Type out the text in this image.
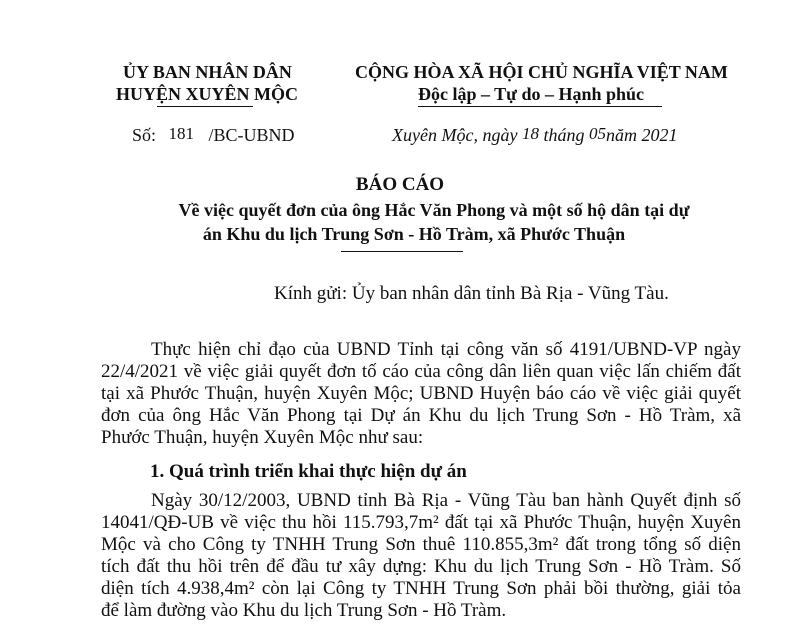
ỦY BAN NHÂN DÂN
HUYỆN XUYÊN MỘC
CỘNG HÒA XÃ HỘI CHỦ NGHĨA VIỆT NAM
Độc lập – Tự do – Hạnh phúc
Số: 181 /BC-UBND	Xuyên Mộc, ngày 18 tháng 05năm 2021
BÁO CÁO
Về việc quyết đơn của ông Hắc Văn Phong và một số hộ dân tại dự
án Khu du lịch Trung Sơn - Hồ Tràm, xã Phước Thuận
Kính gửi: Ủy ban nhân dân tỉnh Bà Rịa - Vũng Tàu.
Thực hiện chỉ đạo của UBND Tỉnh tại công văn số 4191/UBND-VP ngày
22/4/2021 về việc giải quyết đơn tố cáo của công dân liên quan việc lấn chiếm đất
tại xã Phước Thuận, huyện Xuyên Mộc; UBND Huyện báo cáo về việc giải quyết
đơn của ông Hắc Văn Phong tại Dự án Khu du lịch Trung Sơn - Hồ Tràm, xã
Phước Thuận, huyện Xuyên Mộc như sau:
1. Quá trình triển khai thực hiện dự án
Ngày 30/12/2003, UBND tỉnh Bà Rịa - Vũng Tàu ban hành Quyết định số
14041/QĐ-UB về việc thu hồi 115.793,7m² đất tại xã Phước Thuận, huyện Xuyên
Mộc và cho Công ty TNHH Trung Sơn thuê 110.855,3m² đất trong tổng số diện
tích đất thu hồi trên để đầu tư xây dựng: Khu du lịch Trung Sơn - Hồ Tràm. Số
diện tích 4.938,4m² còn lại Công ty TNHH Trung Sơn phải bồi thường, giải tỏa
để làm đường vào Khu du lịch Trung Sơn - Hồ Tràm.
